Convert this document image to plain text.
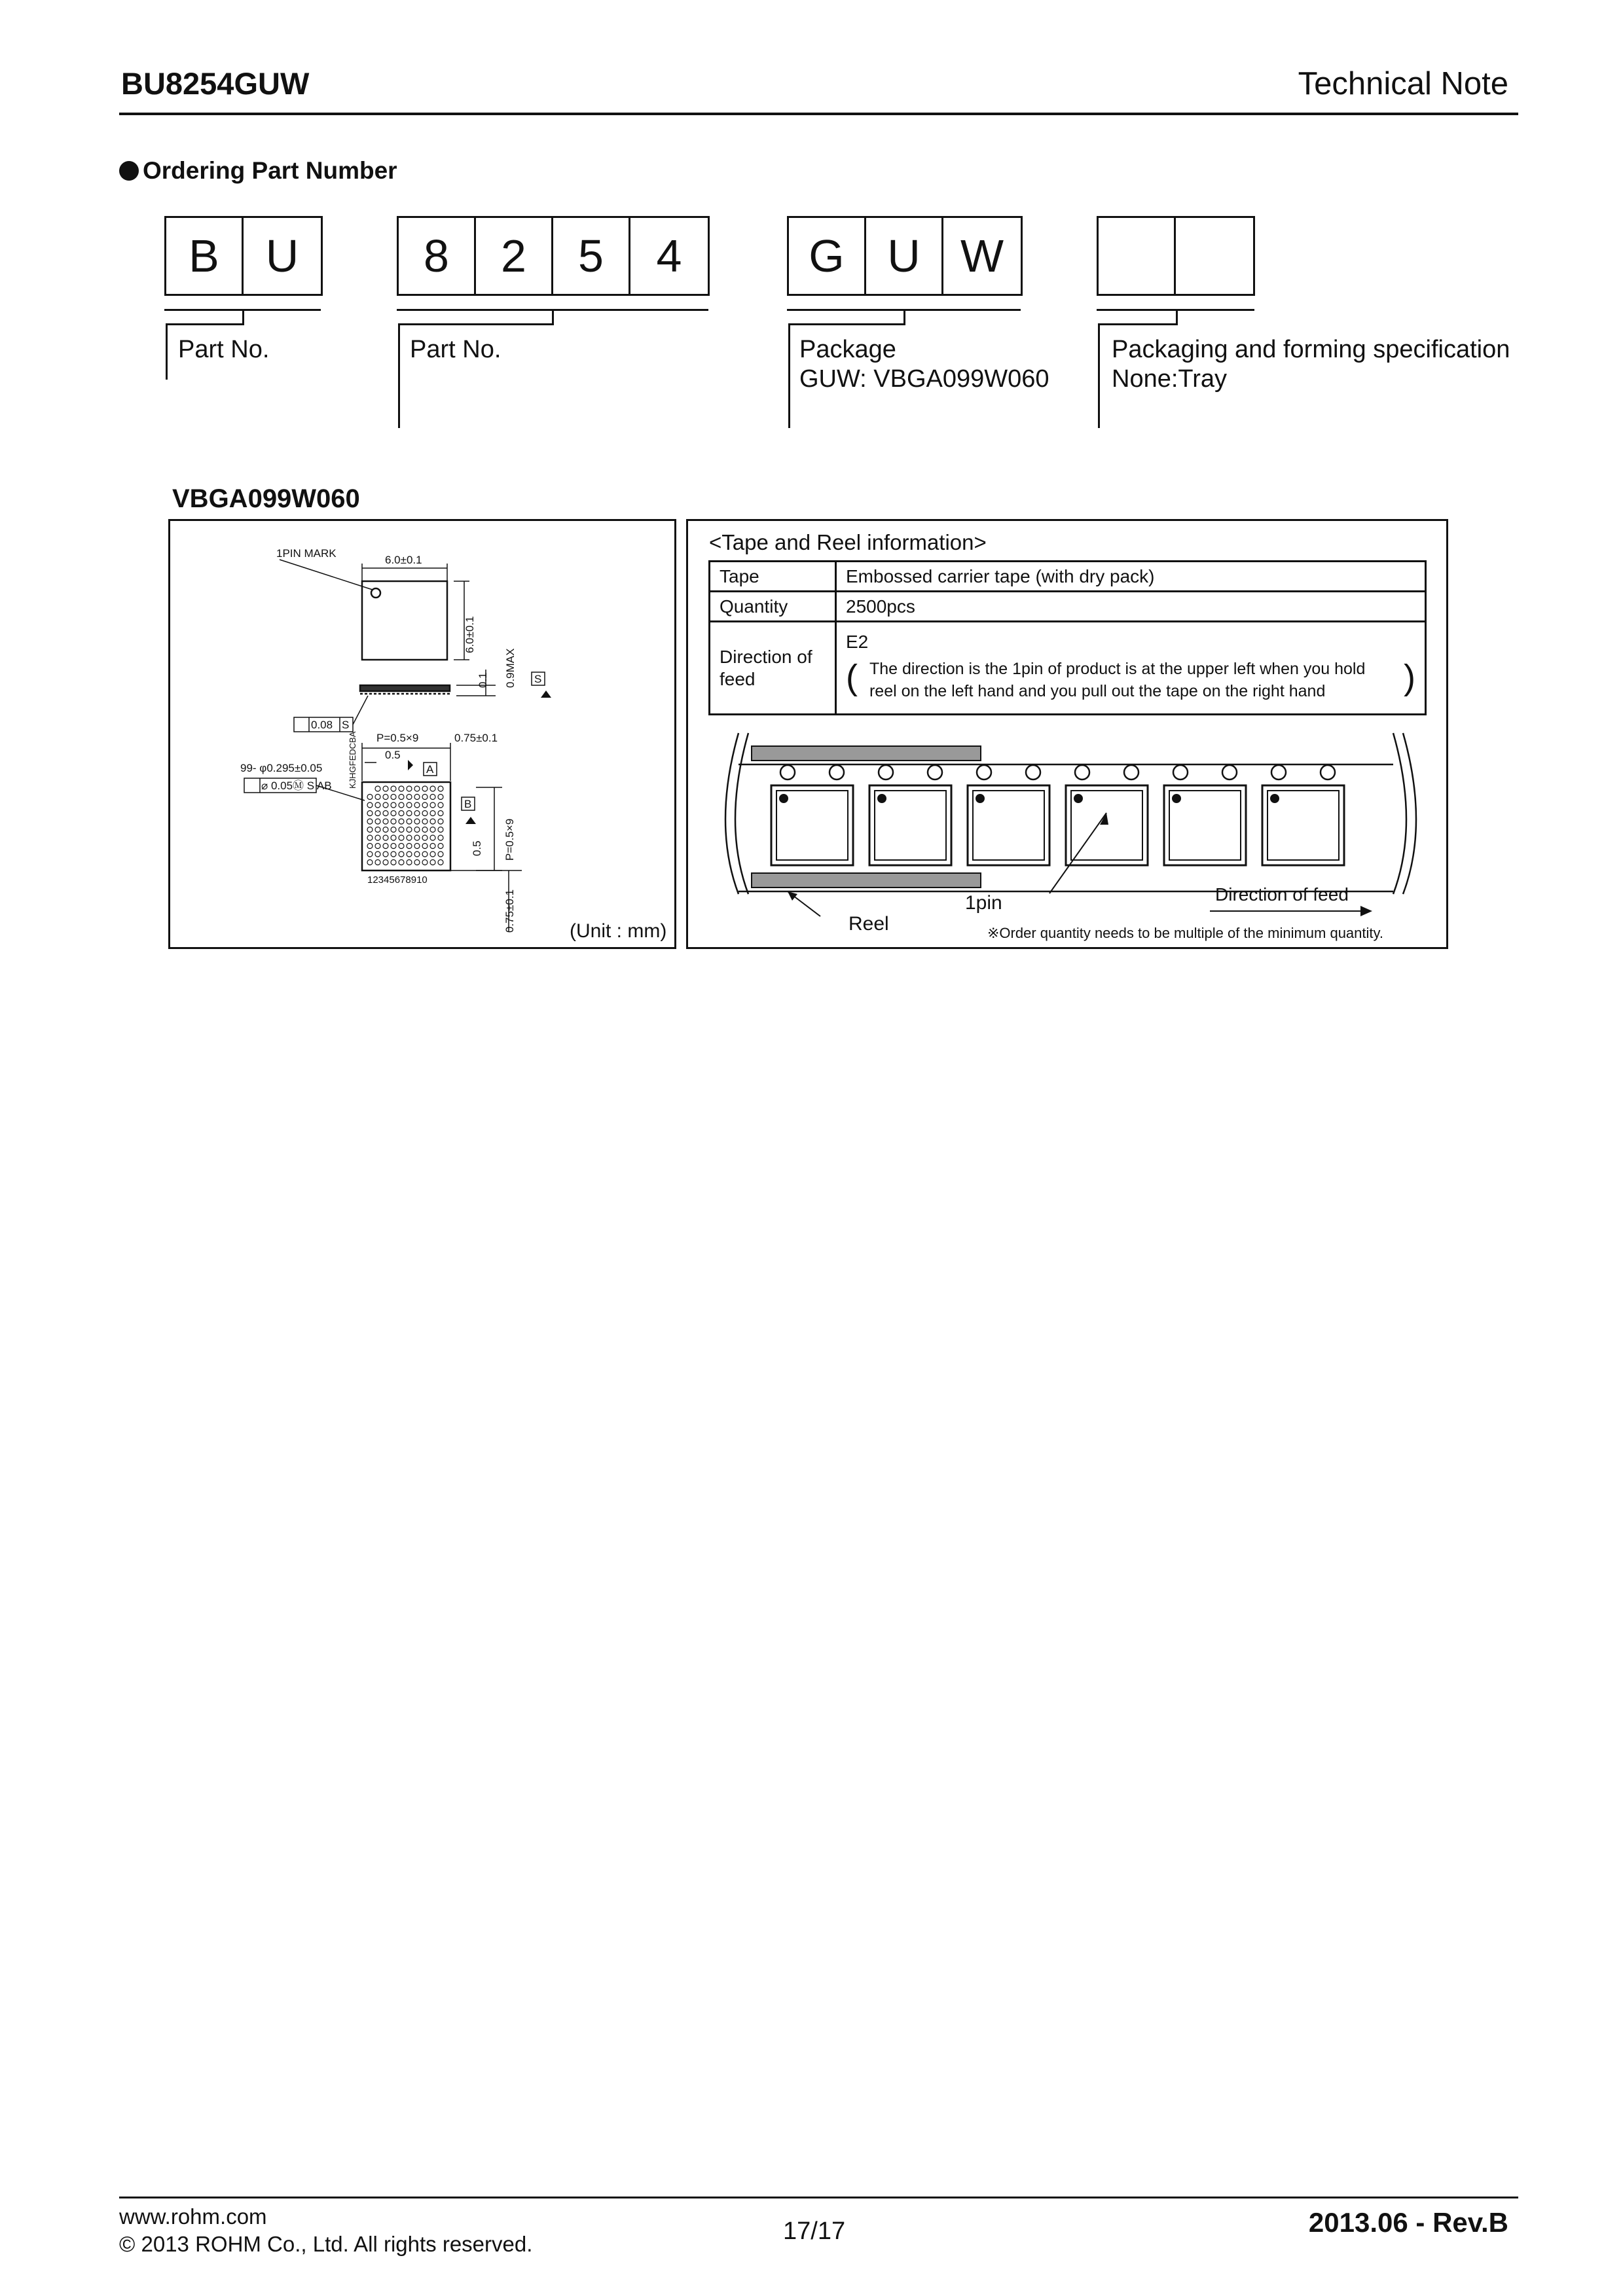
BU8254GUW	Technical Note
Ordering Part Number
B	U	8	2	5	4	G U W
Part No.	Part No.	Package
GUW: VBGA099W060
Packaging and forming specification
None:Tray
VBGA099W060
1PIN MARK
6.0±0.1
6.0±0.1
0.1 0.9MAX S
0.08 S
P=0.5×9	0.75±0.1
0.5
99- φ0.295±0.05
⌀ 0.05Ⓜ S AB
A
B
0.5 P=0.5×9
0.75±0.1
12345678910
KJHGFEDCBA
(Unit : mm)
<Tape and Reel information>
Tape	Embossed carrier tape (with dry pack)
Quantity	2500pcs
Direction of feed	E2
( The direction is the 1pin of product is at the upper left when you hold reel on the left hand and you pull out the tape on the right hand )
Reel
1pin	Direction of feed
※Order quantity needs to be multiple of the minimum quantity.
www.rohm.com
© 2013 ROHM Co., Ltd. All rights reserved.	17/17	2013.06 - Rev.B
